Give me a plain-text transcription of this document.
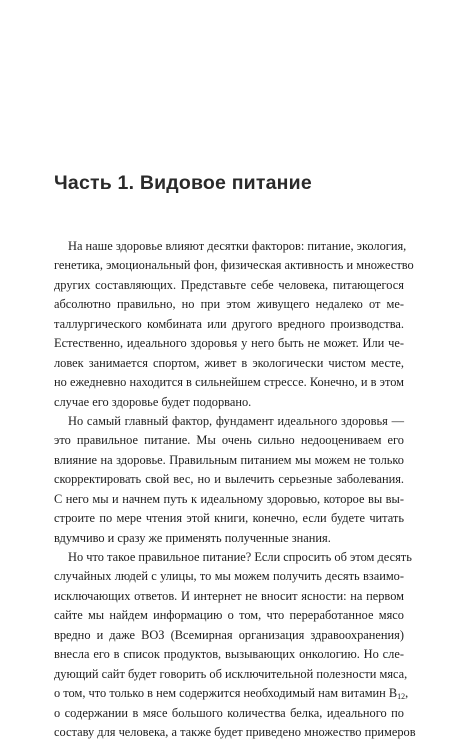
Часть 1. Видовое питание
На наше здоровье влияют десятки факторов: питание, экология,
генетика, эмоциональный фон, физическая активность и множество
других составляющих. Представьте себе человека, питающегося
абсолютно правильно, но при этом живущего недалеко от ме-
таллургического комбината или другого вредного производства.
Естественно, идеального здоровья у него быть не может. Или че-
ловек занимается спортом, живет в экологически чистом месте,
но ежедневно находится в сильнейшем стрессе. Конечно, и в этом
случае его здоровье будет подорвано.
Но самый главный фактор, фундамент идеального здоровья —
это правильное питание. Мы очень сильно недооцениваем его
влияние на здоровье. Правильным питанием мы можем не только
скорректировать свой вес, но и вылечить серьезные заболевания.
С него мы и начнем путь к идеальному здоровью, которое вы вы-
строите по мере чтения этой книги, конечно, если будете читать
вдумчиво и сразу же применять полученные знания.
Но что такое правильное питание? Если спросить об этом десять
случайных людей с улицы, то мы можем получить десять взаимо-
исключающих ответов. И интернет не вносит ясности: на первом
сайте мы найдем информацию о том, что переработанное мясо
вредно и даже ВОЗ (Всемирная организация здравоохранения)
внесла его в список продуктов, вызывающих онкологию. Но сле-
дующий сайт будет говорить об исключительной полезности мяса,
о том, что только в нем содержится необходимый нам витамин $B_{12}$,
о содержании в мясе большого количества белка, идеального по
составу для человека, а также будет приведено множество примеров
